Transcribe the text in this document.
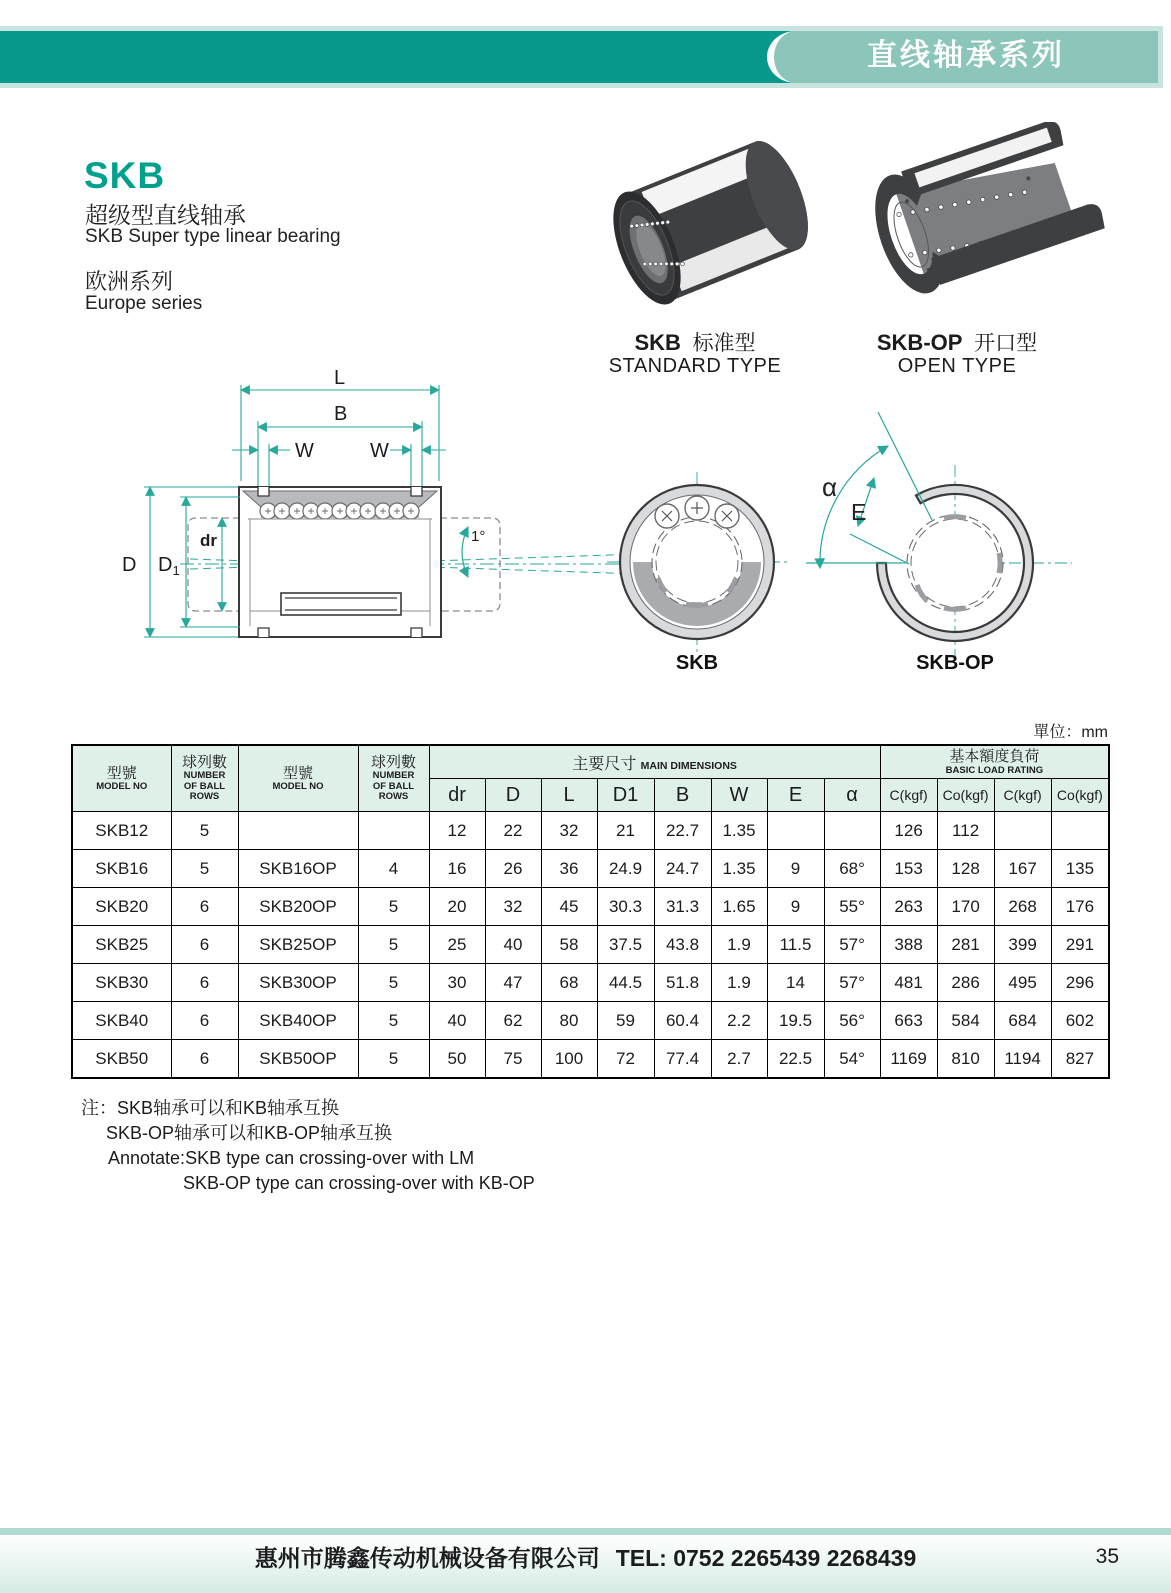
直线轴承系列
SKB
超级型直线轴承
SKB Super type linear bearing
欧洲系列
Europe series
SKB 标准型
STANDARD TYPE
SKB-OP 开口型
OPEN TYPE
1°
L
B
W	W
D $D_1$
dr
SKB
α
E
SKB-OP
單位：mm
型號
MODEL NO

球列數
NUMBER
OF BALL
ROWS

型號
MODEL NO

球列數
NUMBER
OF BALL
ROWS
	主要尺寸 MAIN DIMENSIONS	
基本額度負荷
BASIC LOAD RATING

				dr	D	L	D1	B	W	E	α	C(kgf)	Co(kgf)	C(kgf)	Co(kgf)
SKB12	5			12	22	32	21	22.7	1.35			126	112		
SKB16	5	SKB16OP	4	16	26	36	24.9	24.7	1.35	9	68°	153	128	167	135
SKB20	6	SKB20OP	5	20	32	45	30.3	31.3	1.65	9	55°	263	170	268	176
SKB25	6	SKB25OP	5	25	40	58	37.5	43.8	1.9	11.5	57°	388	281	399	291
SKB30	6	SKB30OP	5	30	47	68	44.5	51.8	1.9	14	57°	481	286	495	296
SKB40	6	SKB40OP	5	40	62	80	59	60.4	2.2	19.5	56°	663	584	684	602
SKB50	6	SKB50OP	5	50	75	100	72	77.4	2.7	22.5	54°	1169	810	1194	827
注：SKB轴承可以和KB轴承互换
SKB-OP轴承可以和KB-OP轴承互换
Annotate:SKB type can crossing-over with LM
SKB-OP type can crossing-over with KB-OP
惠州市腾鑫传动机械设备有限公司 TEL: 0752 2265439 2268439	35
